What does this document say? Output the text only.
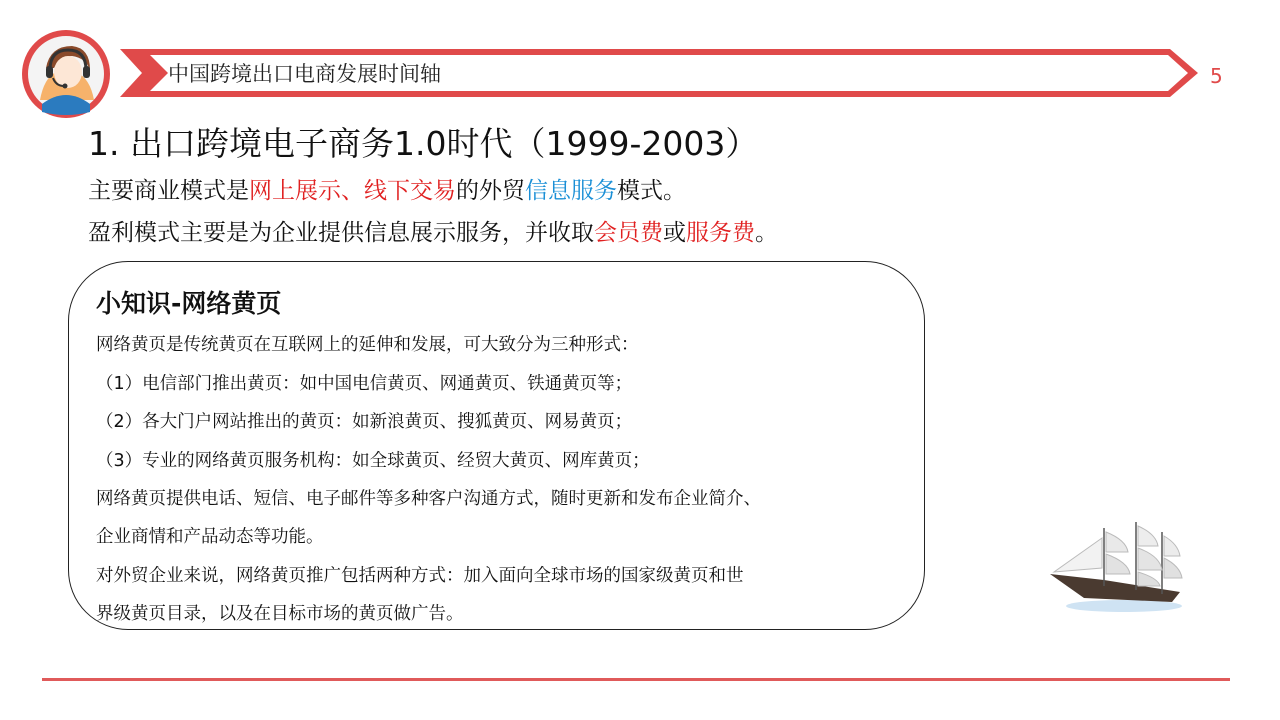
中国跨境出口电商发展时间轴	5
1. 出口跨境电子商务1.0时代（1999-2003）
主要商业模式是网上展示、线下交易的外贸信息服务模式。
盈利模式主要是为企业提供信息展示服务，并收取会员费或服务费。
小知识-网络黄页
网络黄页是传统黄页在互联网上的延伸和发展，可大致分为三种形式：
（1）电信部门推出黄页：如中国电信黄页、网通黄页、铁通黄页等；
（2）各大门户网站推出的黄页：如新浪黄页、搜狐黄页、网易黄页；
（3）专业的网络黄页服务机构：如全球黄页、经贸大黄页、网库黄页；
网络黄页提供电话、短信、电子邮件等多种客户沟通方式，随时更新和发布企业简介、
企业商情和产品动态等功能。
对外贸企业来说，网络黄页推广包括两种方式：加入面向全球市场的国家级黄页和世
界级黄页目录，以及在目标市场的黄页做广告。
